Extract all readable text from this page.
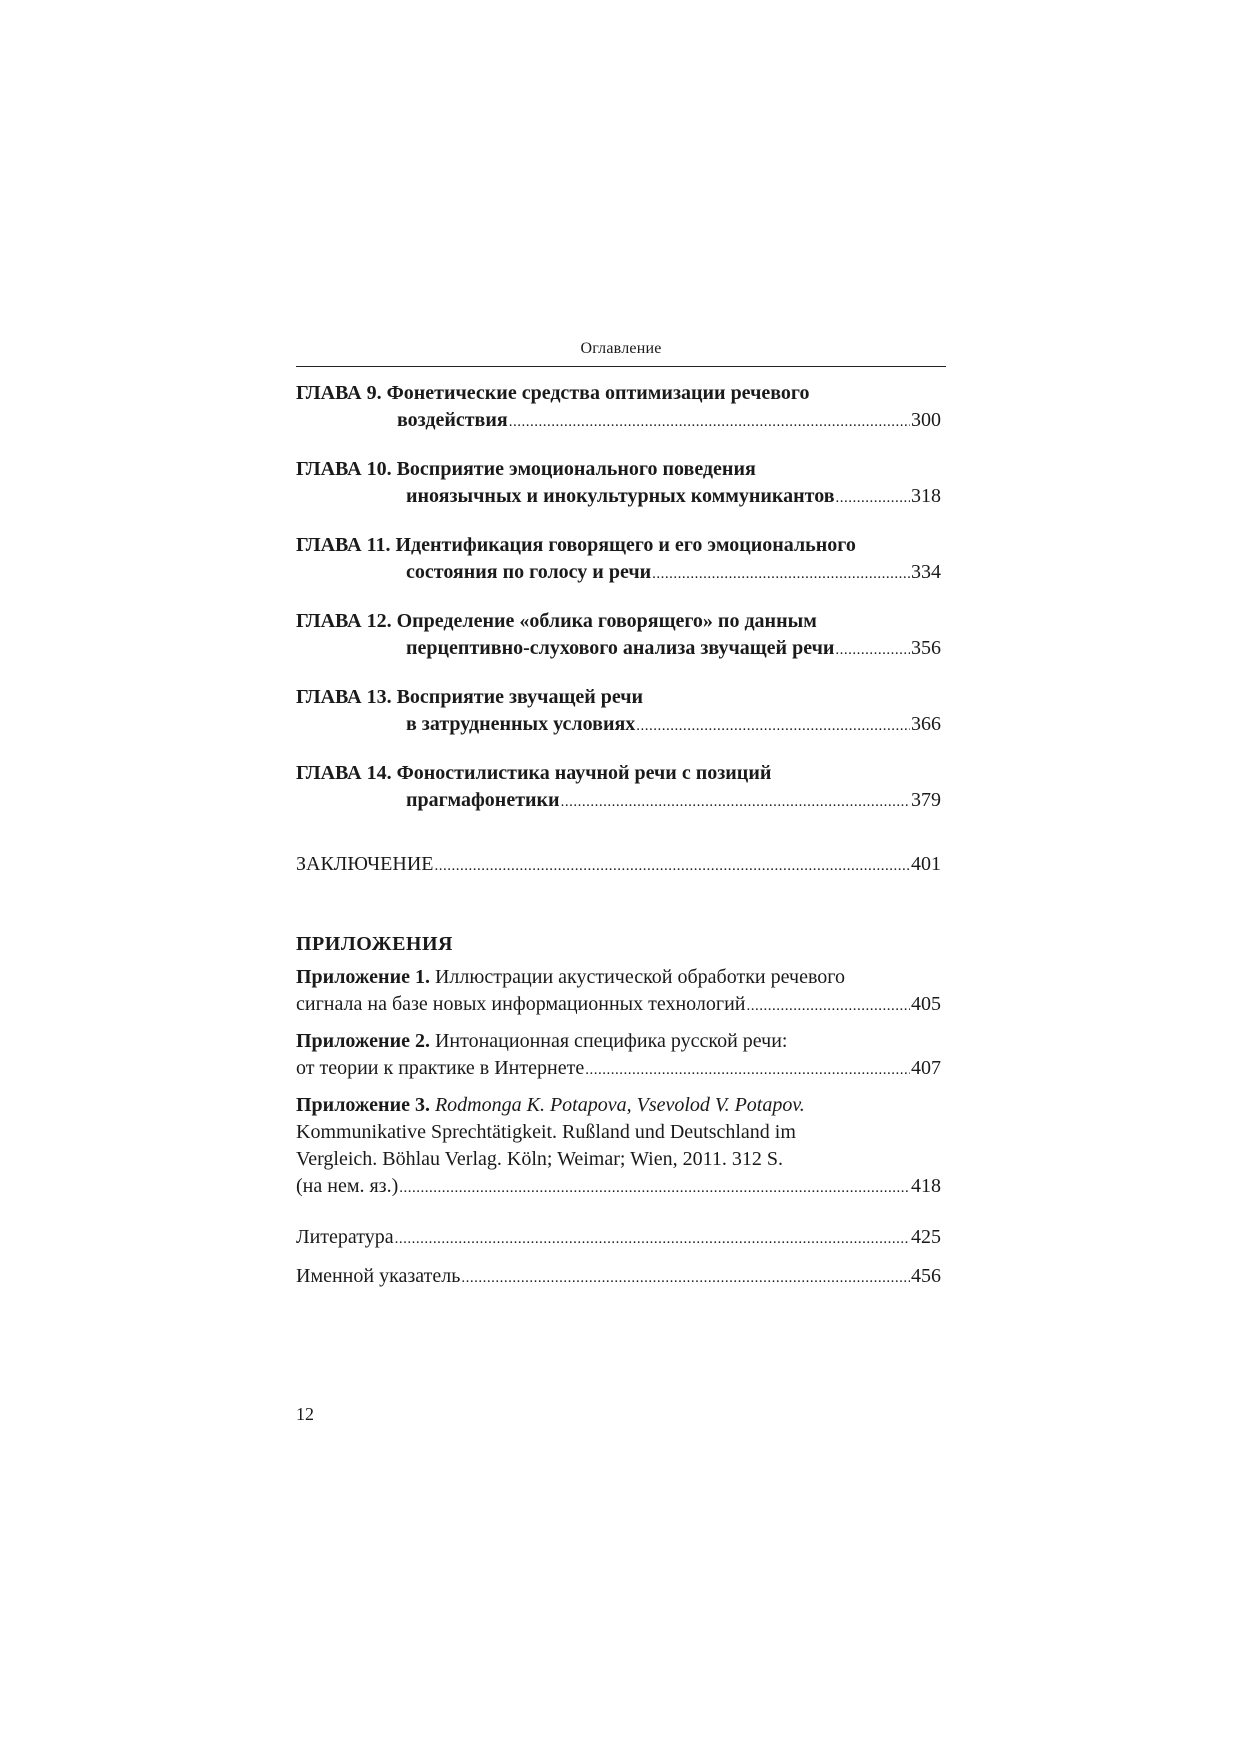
Оглавление
ГЛАВА 9.
Фонетические средства оптимизации речевого
воздействия .....	300
ГЛАВА 10.
Восприятие эмоционального поведения
иноязычных и инокультурных коммуникантов .....	318
ГЛАВА 11.
Идентификация говорящего и его эмоционального
состояния по голосу и речи .....	334
ГЛАВА 12.
Определение «облика говорящего» по данным
перцептивно-слухового анализа звучащей речи .....	356
ГЛАВА 13.
Восприятие звучащей речи
в затрудненных условиях .....	366
ГЛАВА 14.
Фоностилистика научной речи с позиций
прагмафонетики .....	379
ЗАКЛЮЧЕНИЕ .....	401
ПРИЛОЖЕНИЯ
Приложение 1.
Иллюстрации акустической обработки речевого
сигнала на базе новых информационных технологий .....	405
Приложение 2.
Интонационная специфика русской речи:
от теории к практике в Интернете .....	407
Приложение 3.
Rodmonga K. Potapova, Vsevolod V. Potapov.
Kommunikative Sprechtätigkeit. Rußland und Deutschland im
Vergleich. Böhlau Verlag. Köln; Weimar; Wien, 2011. 312 S.
(на нем. яз.) .....	418
Литература .....	425
Именной указатель .....	456
12
